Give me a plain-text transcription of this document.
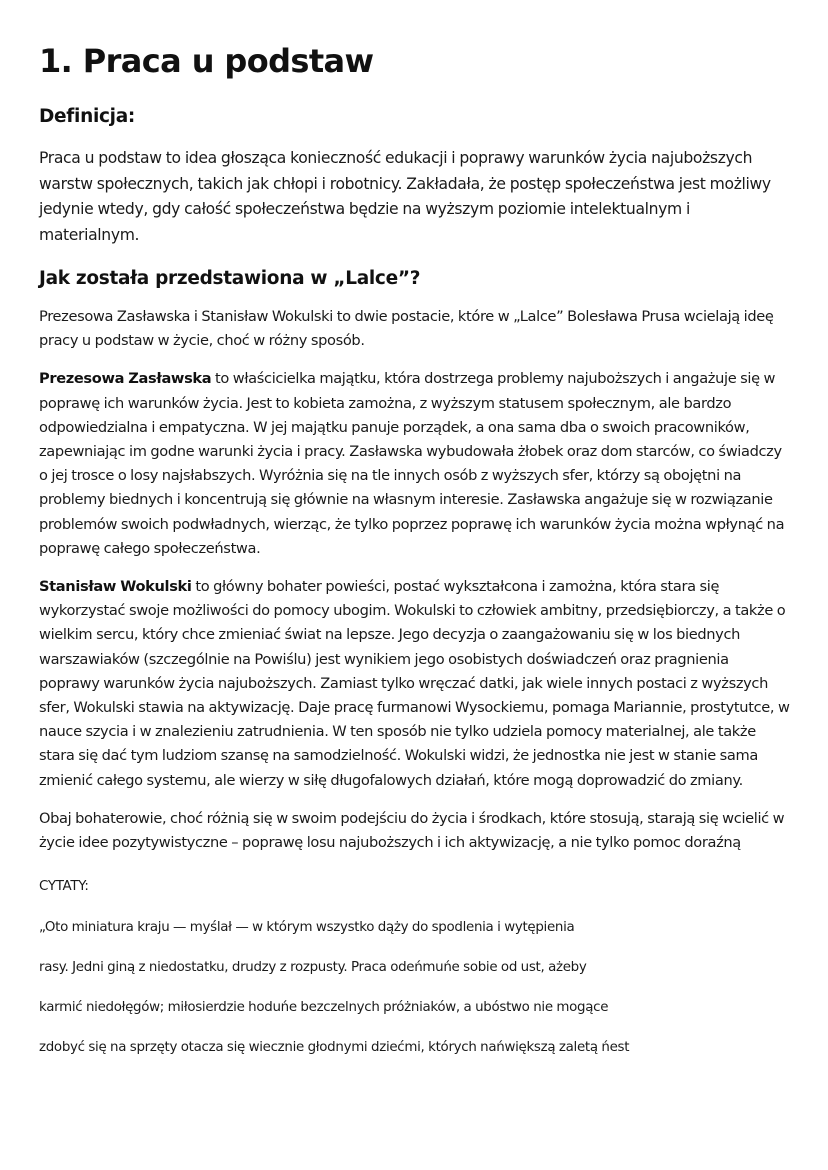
1. Praca u podstaw
Definicja:

Praca u podstaw to idea głosząca konieczność edukacji i poprawy warunków życia najuboższych warstw społecznych, takich jak chłopi i robotnicy. Zakładała, że postęp społeczeństwa jest możliwy jedynie wtedy, gdy całość społeczeństwa będzie na wyższym poziomie intelektualnym i materialnym.

Jak została przedstawiona w „Lalce”?

Prezesowa Zasławska i Stanisław Wokulski to dwie postacie, które w „Lalce” Bolesława Prusa wcielają ideę pracy u podstaw w życie, choć w różny sposób.

Prezesowa Zasławska to właścicielka majątku, która dostrzega problemy najuboższych i angażuje się w poprawę ich warunków życia. Jest to kobieta zamożna, z wyższym statusem społecznym, ale bardzo odpowiedzialna i empatyczna. W jej majątku panuje porządek, a ona sama dba o swoich pracowników, zapewniając im godne warunki życia i pracy. Zasławska wybudowała żłobek oraz dom starców, co świadczy o jej trosce o losy najsłabszych. Wyróżnia się na tle innych osób z wyższych sfer, którzy są obojętni na problemy biednych i koncentrują się głównie na własnym interesie. Zasławska angażuje się w rozwiązanie problemów swoich podwładnych, wierząc, że tylko poprzez poprawę ich warunków życia można wpłynąć na poprawę całego społeczeństwa.

Stanisław Wokulski to główny bohater powieści, postać wykształcona i zamożna, która stara się wykorzystać swoje możliwości do pomocy ubogim. Wokulski to człowiek ambitny, przedsiębiorczy, a także o wielkim sercu, który chce zmieniać świat na lepsze. Jego decyzja o zaangażowaniu się w los biednych warszawiaków (szczególnie na Powiślu) jest wynikiem jego osobistych doświadczeń oraz pragnienia poprawy warunków życia najuboższych. Zamiast tylko wręczać datki, jak wiele innych postaci z wyższych sfer, Wokulski stawia na aktywizację. Daje pracę furmanowi Wysockiemu, pomaga Mariannie, prostytutce, w nauce szycia i w znalezieniu zatrudnienia. W ten sposób nie tylko udziela pomocy materialnej, ale także stara się dać tym ludziom szansę na samodzielność. Wokulski widzi, że jednostka nie jest w stanie sama zmienić całego systemu, ale wierzy w siłę długofalowych działań, które mogą doprowadzić do zmiany.

Obaj bohaterowie, choć różnią się w swoim podejściu do życia i środkach, które stosują, starają się wcielić w życie idee pozytywistyczne – poprawę losu najuboższych i ich aktywizację, a nie tylko pomoc doraźną

CYTATY:
„Oto miniatura kraju — myślał — w którym wszystko dąży do spodlenia i wytępienia
rasy. Jedni giną z niedostatku, drudzy z rozpusty. Praca odeńmuńe sobie od ust, ażeby
karmić niedołęgów; miłosierdzie hoduńe bezczelnych próżniaków, a ubóstwo nie mogące
zdobyć się na sprzęty otacza się wiecznie głodnymi dziećmi, których nańwiększą zaletą ńest
